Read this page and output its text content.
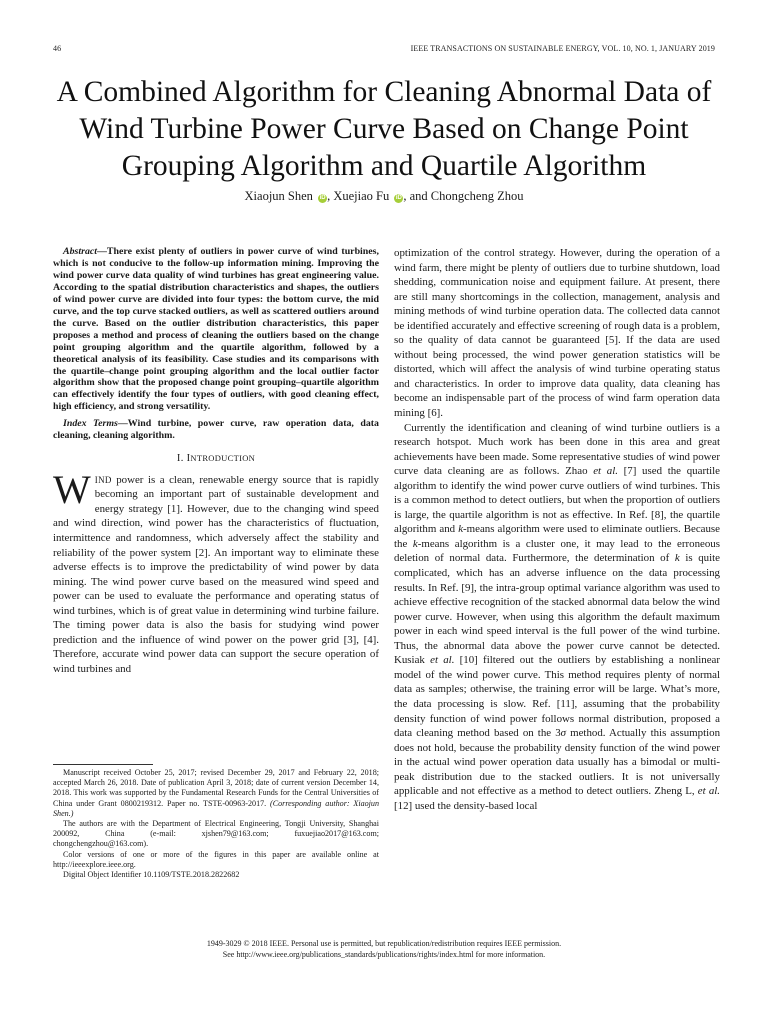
46	IEEE TRANSACTIONS ON SUSTAINABLE ENERGY, VOL. 10, NO. 1, JANUARY 2019
A Combined Algorithm for Cleaning Abnormal Data of Wind Turbine Power Curve Based on Change Point Grouping Algorithm and Quartile Algorithm
Xiaojun Shen iD , Xuejiao Fu iD , and Chongcheng Zhou

Abstract—There exist plenty of outliers in power curve of wind turbines, which is not conducive to the follow-up information mining. Improving the wind power curve data quality of wind turbines has great engineering value. According to the spatial distribution characteristics and shapes, the outliers of wind power curve are divided into four types: the bottom curve, the mid curve, and the top curve stacked outliers, as well as scattered outliers around the curve. Based on the outlier distribution characteristics, this paper proposes a method and process of cleaning the outliers based on the change point grouping algorithm and the quartile algorithm, followed by a theoretical analysis of its feasibility. Case studies and its comparisons with the quartile–change point grouping algorithm and the local outlier factor algorithm show that the proposed change point grouping–quartile algorithm can effectively identify the four types of outliers, with good cleaning effect, high efficiency, and strong versatility.

Index Terms—Wind turbine, power curve, raw operation data, data cleaning, cleaning algorithm.

I. INTRODUCTION

WIND power is a clean, renewable energy source that is rapidly becoming an important part of sustainable development and energy strategy [1]. However, due to the changing wind speed and wind direction, wind power has the characteristics of fluctuation, intermittence and randomness, which adversely affect the stability and reliability of the power system [2]. An important way to eliminate these adverse effects is to improve the predictability of wind power by data mining. The wind power curve based on the measured wind speed and power can be used to evaluate the performance and operating status of wind turbines, which is of great value in determining wind turbine failure. The timing power data is also the basis for studying wind power prediction and the influence of wind power on the power grid [3], [4]. Therefore, accurate wind power data can support the secure operation of wind turbines and

Manuscript received October 25, 2017; revised December 29, 2017 and February 22, 2018; accepted March 26, 2018. Date of publication April 3, 2018; date of current version December 14, 2018. This work was supported by the Fundamental Research Funds for the Central Universities of China under Grant 0800219312. Paper no. TSTE-00963-2017. (Corresponding author: Xiaojun Shen.)

The authors are with the Department of Electrical Engineering, Tongji University, Shanghai 200092, China (e-mail: xjshen79@163.com; fuxuejiao2017@163.com; chongchengzhou@163.com).

Color versions of one or more of the figures in this paper are available online at http://ieeexplore.ieee.org.

Digital Object Identifier 10.1109/TSTE.2018.2822682

optimization of the control strategy. However, during the operation of a wind farm, there might be plenty of outliers due to turbine shutdown, load shedding, communication noise and equipment failure. At present, there are still many shortcomings in the collection, management, analysis and mining methods of wind turbine operation data. The collected data cannot be identified accurately and effective screening of rough data is a problem, so the quality of data cannot be guaranteed [5]. If the data are used without being processed, the wind power generation statistics will be distorted, which will affect the analysis of wind turbine operating status and characteristics. In order to improve data quality, data cleaning has become an indispensable part of the process of wind farm operation data mining [6].

Currently the identification and cleaning of wind turbine outliers is a research hotspot. Much work has been done in this area and great achievements have been made. Some representative studies of wind power curve data cleaning are as follows. Zhao et al. [7] used the quartile algorithm to identify the wind power curve outliers of wind turbines. This is a common method to detect outliers, but when the proportion of outliers is large, the quartile algorithm is not as effective. In Ref. [8], the quartile algorithm and k-means algorithm were used to eliminate outliers. Because the k-means algorithm is a cluster one, it may lead to the erroneous deletion of normal data. Furthermore, the determination of k is quite complicated, which has an adverse influence on the data processing results. In Ref. [9], the intra-group optimal variance algorithm was used to achieve effective recognition of the stacked abnormal data below the wind power curve. However, when using this algorithm the default maximum power in each wind speed interval is the full power of the wind turbine. Thus, the abnormal data above the power curve cannot be detected. Kusiak et al. [10] filtered out the outliers by establishing a nonlinear model of the wind power curve. This method requires plenty of normal data as samples; otherwise, the training error will be large. What’s more, the data processing is slow. Ref. [11], assuming that the probability density function of wind power follows normal distribution, proposed a data cleaning method based on the 3σ method. Actually this assumption does not hold, because the probability density function of the wind power in the actual wind power operation data usually has a bimodal or multi-peak distribution due to the stacked outliers. It is not universally applicable and not effective as a method to detect outliers. Zheng L, et al. [12] used the density-based local

1949-3029 © 2018 IEEE. Personal use is permitted, but republication/redistribution requires IEEE permission.
See http://www.ieee.org/publications_standards/publications/rights/index.html for more information.
